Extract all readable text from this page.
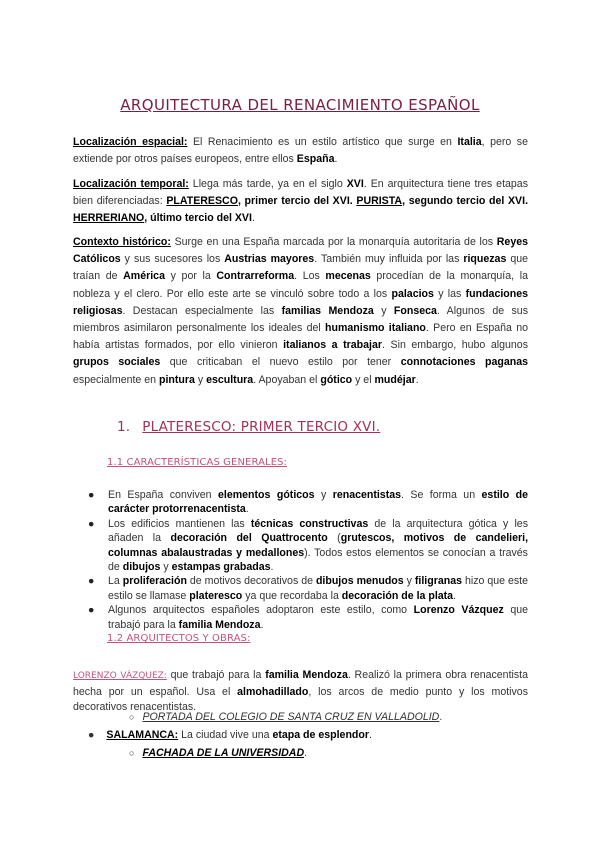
ARQUITECTURA DEL RENACIMIENTO ESPAÑOL

Localización espacial: El Renacimiento es un estilo artístico que surge en Italia, pero se extiende por otros países europeos, entre ellos España.

Localización temporal: Llega más tarde, ya en el siglo XVI. En arquitectura tiene tres etapas bien diferenciadas: PLATERESCO, primer tercio del XVI. PURISTA, segundo tercio del XVI. HERRERIANO, último tercio del XVI.

Contexto histórico: Surge en una España marcada por la monarquía autoritaria de los Reyes Católicos y sus sucesores los Austrias mayores. También muy influida por las riquezas que traían de América y por la Contrarreforma. Los mecenas procedían de la monarquía, la nobleza y el clero. Por ello este arte se vinculó sobre todo a los palacios y las fundaciones religiosas. Destacan especialmente las familias Mendoza y Fonseca. Algunos de sus miembros asimilaron personalmente los ideales del humanismo italiano. Pero en España no había artistas formados, por ello vinieron italianos a trabajar. Sin embargo, hubo algunos grupos sociales que criticaban el nuevo estilo por tener connotaciones paganas especialmente en pintura y escultura. Apoyaban el gótico y el mudéjar.

1. PLATERESCO: PRIMER TERCIO XVI.
1.1 CARACTERÍSTICAS GENERALES:
● En España conviven elementos góticos y renacentistas. Se forma un estilo de carácter protorrenacentista.
● Los edificios mantienen las técnicas constructivas de la arquitectura gótica y les añaden la decoración del Quattrocento (grutescos, motivos de candelieri, columnas abalaustradas y medallones). Todos estos elementos se conocían a través de dibujos y estampas grabadas.
● La proliferación de motivos decorativos de dibujos menudos y filigranas hizo que este estilo se llamase plateresco ya que recordaba la decoración de la plata.
● Algunos arquitectos españoles adoptaron este estilo, como Lorenzo Vázquez que trabajó para la familia Mendoza.
1.2 ARQUITECTOS Y OBRAS:

LORENZO VÁZQUEZ: que trabajó para la familia Mendoza. Realizó la primera obra renacentista hecha por un español. Usa el almohadillado, los arcos de medio punto y los motivos decorativos renacentistas.

○ PORTADA DEL COLEGIO DE SANTA CRUZ EN VALLADOLID.
● SALAMANCA: La ciudad vive una etapa de esplendor.
○ FACHADA DE LA UNIVERSIDAD.
